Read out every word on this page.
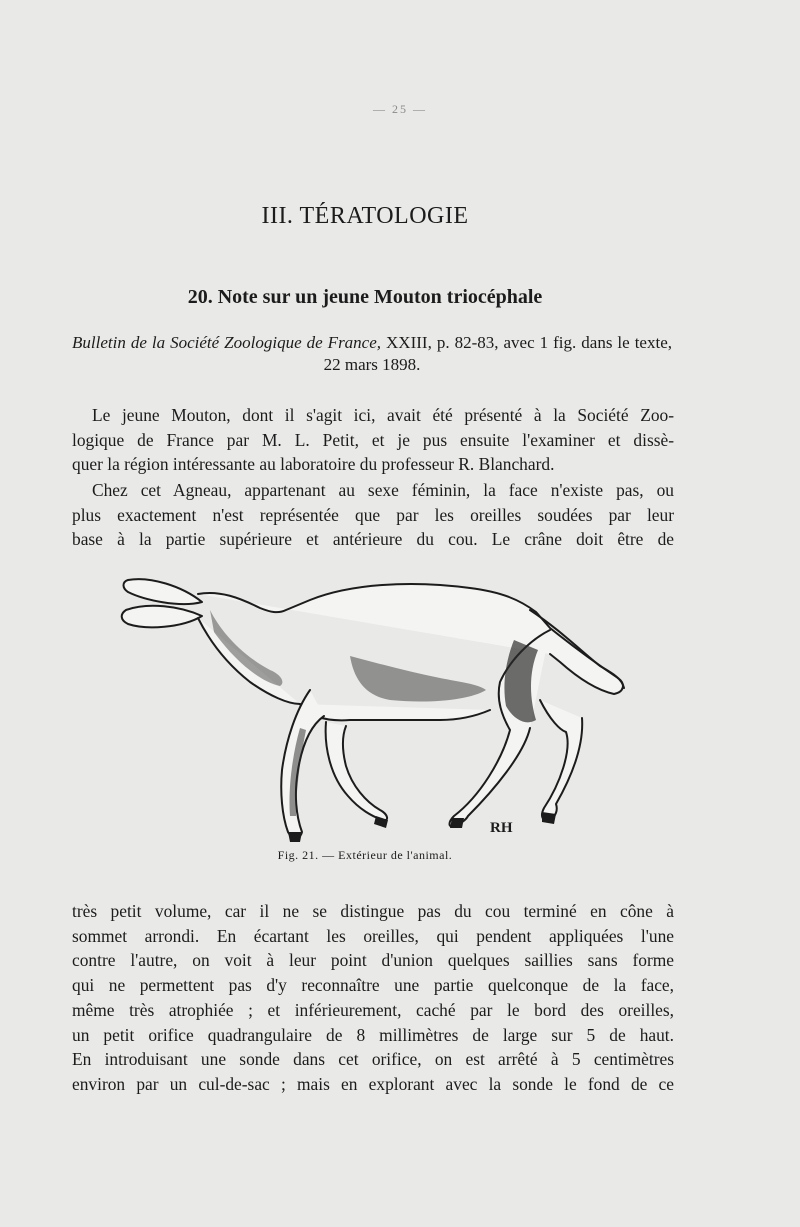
— 25 —
III. TÉRATOLOGIE
20. Note sur un jeune Mouton triocéphale
Bulletin de la Société Zoologique de France, XXIII, p. 82-83, avec 1 fig. dans le texte, 22 mars 1898.

Le jeune Mouton, dont il s'agit ici, avait été présenté à la Société Zoo-
logique de France par M. L. Petit, et je pus ensuite l'examiner et dissè-
quer la région intéressante au laboratoire du professeur R. Blanchard.

Chez cet Agneau, appartenant au sexe féminin, la face n'existe pas, ou
plus exactement n'est représentée que par les oreilles soudées par leur
base à la partie supérieure et antérieure du cou. Le crâne doit être de

RH
Fig. 21. — Extérieur de l'animal.

très petit volume, car il ne se distingue pas du cou terminé en cône à
sommet arrondi. En écartant les oreilles, qui pendent appliquées l'une
contre l'autre, on voit à leur point d'union quelques saillies sans forme
qui ne permettent pas d'y reconnaître une partie quelconque de la face,
même très atrophiée ; et inférieurement, caché par le bord des oreilles,
un petit orifice quadrangulaire de 8 millimètres de large sur 5 de haut.
En introduisant une sonde dans cet orifice, on est arrêté à 5 centimètres
environ par un cul-de-sac ; mais en explorant avec la sonde le fond de ce
